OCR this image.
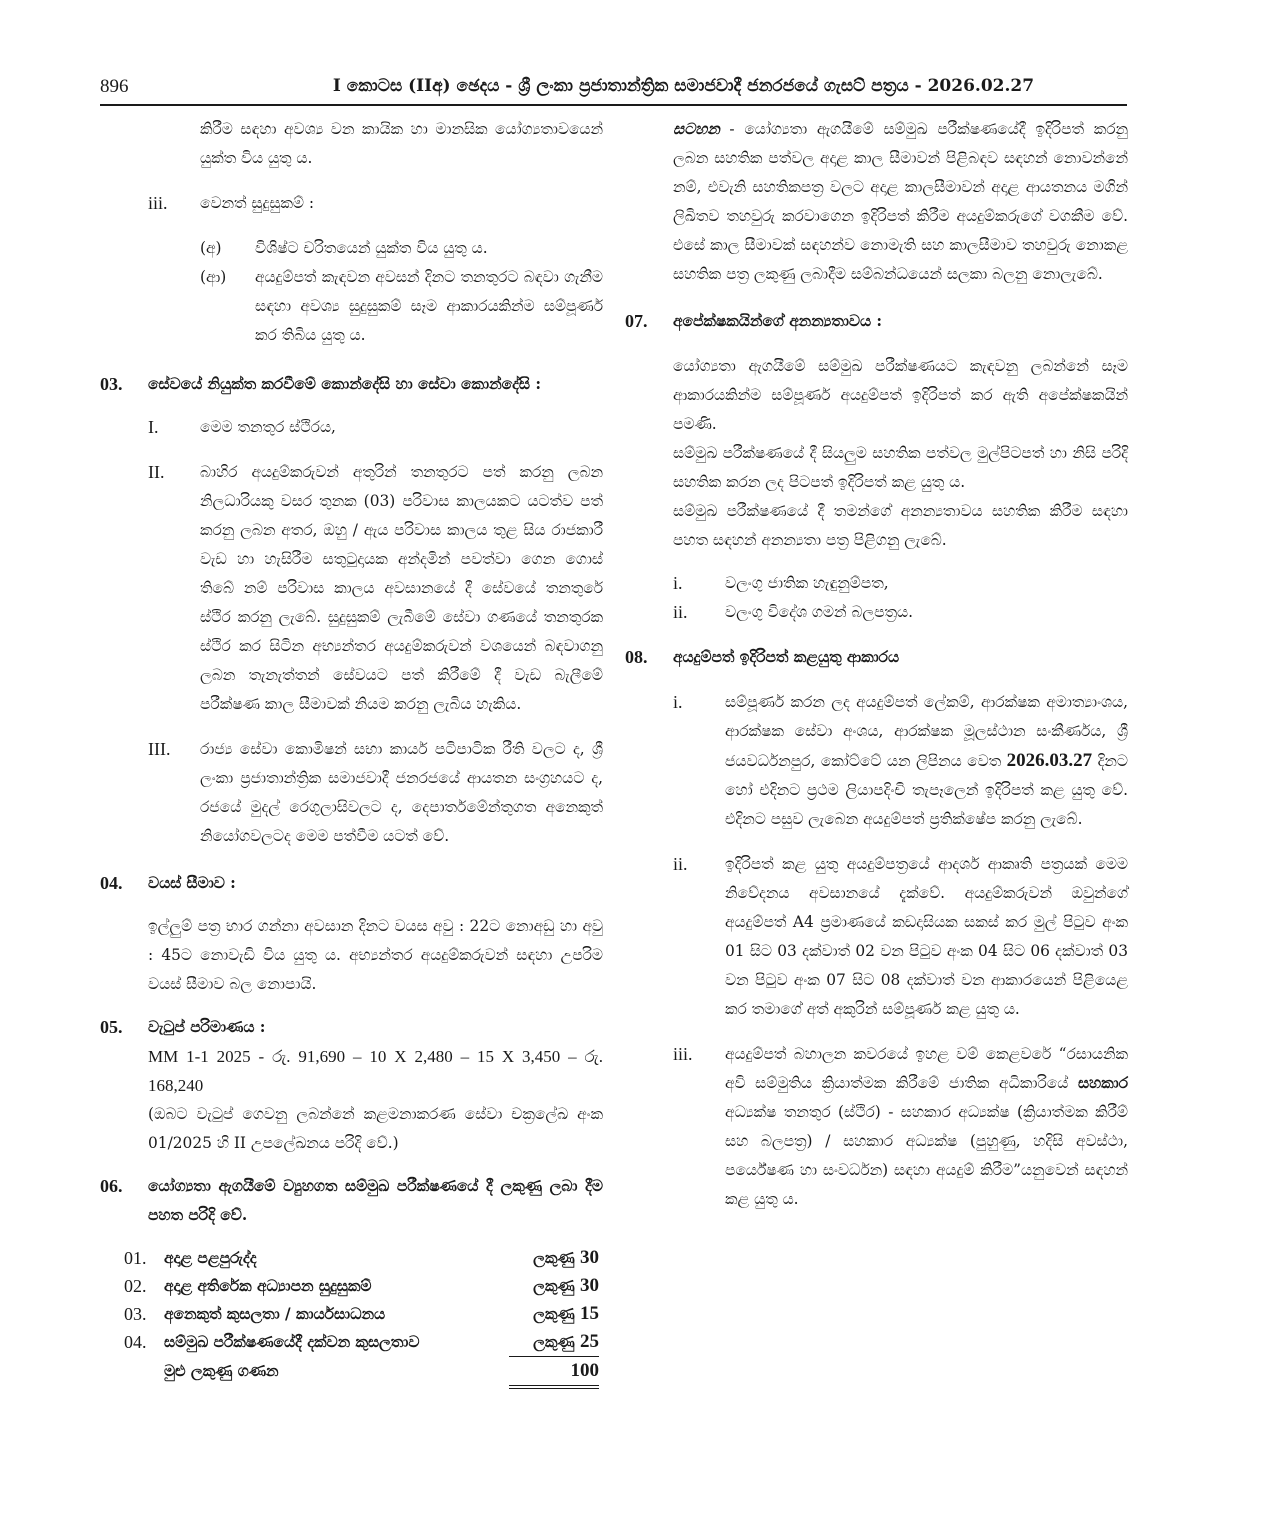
896	I කොටස (IIඅ) ඡෙදය - ශ්‍රී ලංකා ප්‍රජාතාන්ත්‍රික සමාජවාදී ජනරජයේ ගැසට් පත්‍රය - 2026.02.27

කිරීම සඳහා අවශ්‍ය වන කායික හා මානසික යෝග්‍යතාවයෙන් යුක්ත විය යුතු ය.

iii. වෙනත් සුදුසුකම් :
(අ) විශිෂ්ට චරිතයෙන් යුක්ත විය යුතු ය.

(ආ) අයදුම්පත් කැඳවන අවසන් දිනට තනතුරට බඳවා ගැනීම සඳහා අවශ්‍ය සුදුසුකම් සෑම ආකාරයකින්ම සම්පූර්ණ කර තිබිය යුතු ය.

03. සේවයේ නියුක්ත කරවීමේ කොන්දේසි හා සේවා කොන්දේසි :

I.	මෙම තනතුර ස්ථිරය,

II. බාහිර අයදුම්කරුවන් අතුරින් තනතුරට පත් කරනු ලබන නිලධාරියකු වසර තුනක (03) පරිවාස කාලයකට යටත්ව පත් කරනු ලබන අතර, ඔහු / ඇය පරිවාස කාලය තුළ සිය රාජකාරී වැඩ හා හැසිරීම සතුටුදායක අන්දමින් පවත්වා ගෙන ගොස් තිබේ නම් පරිවාස කාලය අවසානයේ දී සේවයේ තනතුරේ ස්ථිර කරනු ලැබේ. සුදුසුකම් ලැබීමේ සේවා ගණයේ තනතුරක ස්ථිර කර සිටින අභ්‍යන්තර අයදුම්කරුවන් වශයෙන් බඳවාගනු ලබන තැනැත්තන් සේවයට පත් කිරීමේ දී වැඩ බැලීමේ පරීක්ෂණ කාල සීමාවක් නියම කරනු ලැබිය හැකිය.

III. රාජ්‍ය සේවා කොමිෂන් සභා කාර්ය පටිපාටික රීති වලට ද, ශ්‍රී ලංකා ප්‍රජාතාන්ත්‍රික සමාජවාදී ජනරජයේ ආයතන සංග්‍රහයට ද, රජයේ මුදල් රෙගුලාසිවලට ද, දෙපාර්තමේන්තුගත අනෙකුත් නියෝගවලටද මෙම පත්වීම යටත් වේ.

04. වයස් සීමාව :

ඉල්ලුම් පත්‍ර භාර ගන්නා අවසාන දිනට වයස අවු : 22ට නොඅඩු හා අවු : 45ට නොවැඩි විය යුතු ය. අභ්‍යන්තර අයදුම්කරුවන් සඳහා උපරිම වයස් සීමාව බල නොපායි.

05. වැටුප් පරිමාණය :

MM 1-1 2025 - රු. 91,690 – 10 X 2,480 – 15 X 3,450 – රු. 168,240

(ඔබට වැටුප් ගෙවනු ලබන්නේ කළමනාකරණ සේවා චක්‍රලේඛ අංක 01/2025 හි II උපලේඛනය පරිදි වේ.)

06. යෝග්‍යතා ඇගයීමේ ව්‍යුහගත සම්මුඛ පරීක්ෂණයේ දී ලකුණු ලබා දීම පහත පරිදි වේ.

01.	අදාළ පළපුරුද්ද	ලකුණු 30
02.	අදාළ අතිරේක අධ්‍යාපන සුදුසුකම්	ලකුණු 30
03.	අනෙකුත් කුසලතා / කාර්යසාධනය	ලකුණු 15
04.	සම්මුඛ පරීක්ෂණයේදී දක්වන කුසලතාව	ලකුණු 25
	මුළු ලකුණු ගණන	100

සටහන - යෝග්‍යතා ඇගයීමේ සම්මුඛ පරීක්ෂණයේදී ඉදිරිපත් කරනු ලබන සහතික පත්වල අදාළ කාල සීමාවන් පිළිබඳව සඳහන් නොවන්නේ නම්, එවැනි සහතිකපත්‍ර වලට අදාළ කාලසීමාවන් අදාළ ආයතනය මගින් ලිඛිතව තහවුරු කරවාගෙන ඉදිරිපත් කිරීම අයදුම්කරුගේ වගකීම වේ. එසේ කාල සීමාවක් සඳහන්ව නොමැති සහ කාලසීමාව තහවුරු නොකළ සහතික පත්‍ර ලකුණු ලබාදීම සම්බන්ධයෙන් සලකා බලනු නොලැබේ.

07. අපේක්ෂකයින්ගේ අනන්‍යතාවය :

යෝග්‍යතා ඇගයීමේ සම්මුඛ පරීක්ෂණයට කැඳවනු ලබන්නේ සෑම ආකාරයකින්ම සම්පූර්ණ අයදුම්පත් ඉදිරිපත් කර ඇති අපේක්ෂකයින් පමණි.

සම්මුඛ පරීක්ෂණයේ දී සියලුම සහතික පත්වල මුල්පිටපත් හා නිසි පරිදි සහතික කරන ලද පිටපත් ඉදිරිපත් කළ යුතු ය.

සම්මුඛ පරීක්ෂණයේ දී තමන්ගේ අනන්‍යතාවය සහතික කිරීම සඳහා පහත සඳහන් අනන්‍යතා පත්‍ර පිළිගනු ලැබේ.

i.	වලංගු ජාතික හැඳුනුම්පත,
ii. වලංගු විදේශ ගමන් බලපත්‍රය.
08. අයදුම්පත් ඉදිරිපත් කළයුතු ආකාරය

i.	සම්පූර්ණ කරන ලද අයදුම්පත් ලේකම්, ආරක්ෂක අමාත්‍යාංශය, ආරක්ෂක සේවා අංශය, ආරක්ෂක මූලස්ථාන සංකීර්ණය, ශ්‍රී ජයවර්ධනපුර, කෝට්ටේ යන ලිපිනය වෙත 2026.03.27 දිනට හෝ එදිනට ප්‍රථම ලියාපදිංචි තැපෑලෙන් ඉදිරිපත් කළ යුතු වේ. එදිනට පසුව ලැබෙන අයදුම්පත් ප්‍රතික්ෂේප කරනු ලැබේ.

ii. ඉදිරිපත් කළ යුතු අයදුම්පත්‍රයේ ආදර්ශ ආකෘති පත්‍රයක් මෙම නිවේදනය අවසානයේ දැක්වේ. අයදුම්කරුවන් ඔවුන්ගේ අයදුම්පත් A4 ප්‍රමාණයේ කඩදාසියක සකස් කර මුල් පිටුව අංක 01 සිට 03 දක්වාත් 02 වන පිටුව අංක 04 සිට 06 දක්වාත් 03 වන පිටුව අංක 07 සිට 08 දක්වාත් වන ආකාරයෙන් පිළියෙළ කර තමාගේ අත් අකුරින් සම්පූර්ණ කළ යුතු ය.

iii. අයදුම්පත් බහාලන කවරයේ ඉහළ වම් කෙළවරේ “රසායනික අවි සම්මුතිය ක්‍රියාත්මක කිරීමේ ජාතික අධිකාරියේ සහකාර අධ්‍යක්ෂ තනතුර (ස්ථිර) - සහකාර අධ්‍යක්ෂ (ක්‍රියාත්මක කිරීම් සහ බලපත්‍ර) / සහකාර අධ්‍යක්ෂ (පුහුණු, හදිසි අවස්ථා, පර්යේෂණ හා සංවර්ධන) සඳහා අයදුම් කිරීම”යනුවෙන් සඳහන් කළ යුතු ය.
